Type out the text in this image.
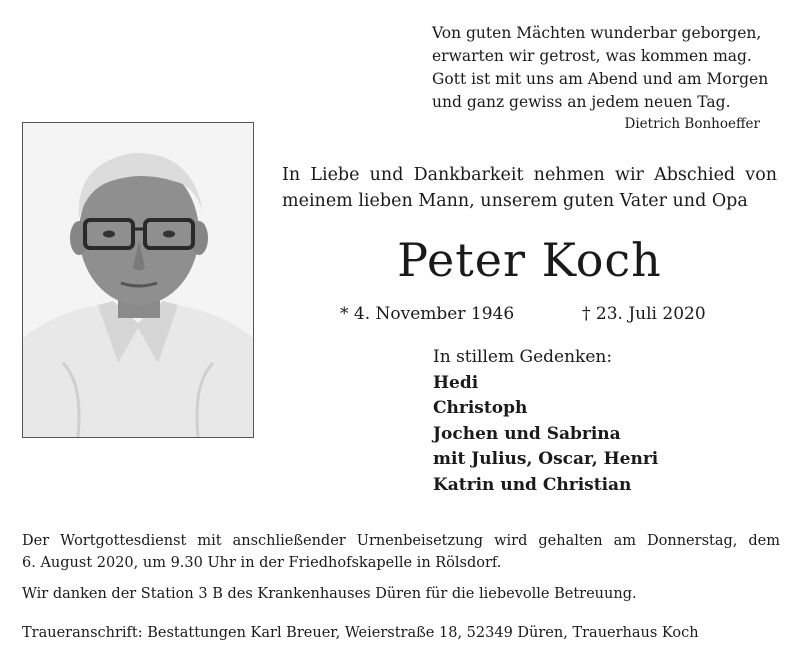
Von guten Mächten wunderbar geborgen,
erwarten wir getrost, was kommen mag.
Gott ist mit uns am Abend und am Morgen
und ganz gewiss an jedem neuen Tag.
Dietrich Bonhoeffer
In Liebe und Dankbarkeit nehmen wir Abschied von
meinem lieben Mann, unserem guten Vater und Opa
Peter Koch
* 4. November 1946	† 23. Juli 2020
In stillem Gedenken:
Hedi
Christoph
Jochen und Sabrina
mit Julius, Oscar, Henri
Katrin und Christian
Der Wortgottesdienst mit anschließender Urnenbeisetzung wird gehalten am Donnerstag, dem
6. August 2020, um 9.30 Uhr in der Friedhofskapelle in Rölsdorf.
Wir danken der Station 3 B des Krankenhauses Düren für die liebevolle Betreuung.
Traueranschrift: Bestattungen Karl Breuer, Weierstraße 18, 52349 Düren, Trauerhaus Koch
